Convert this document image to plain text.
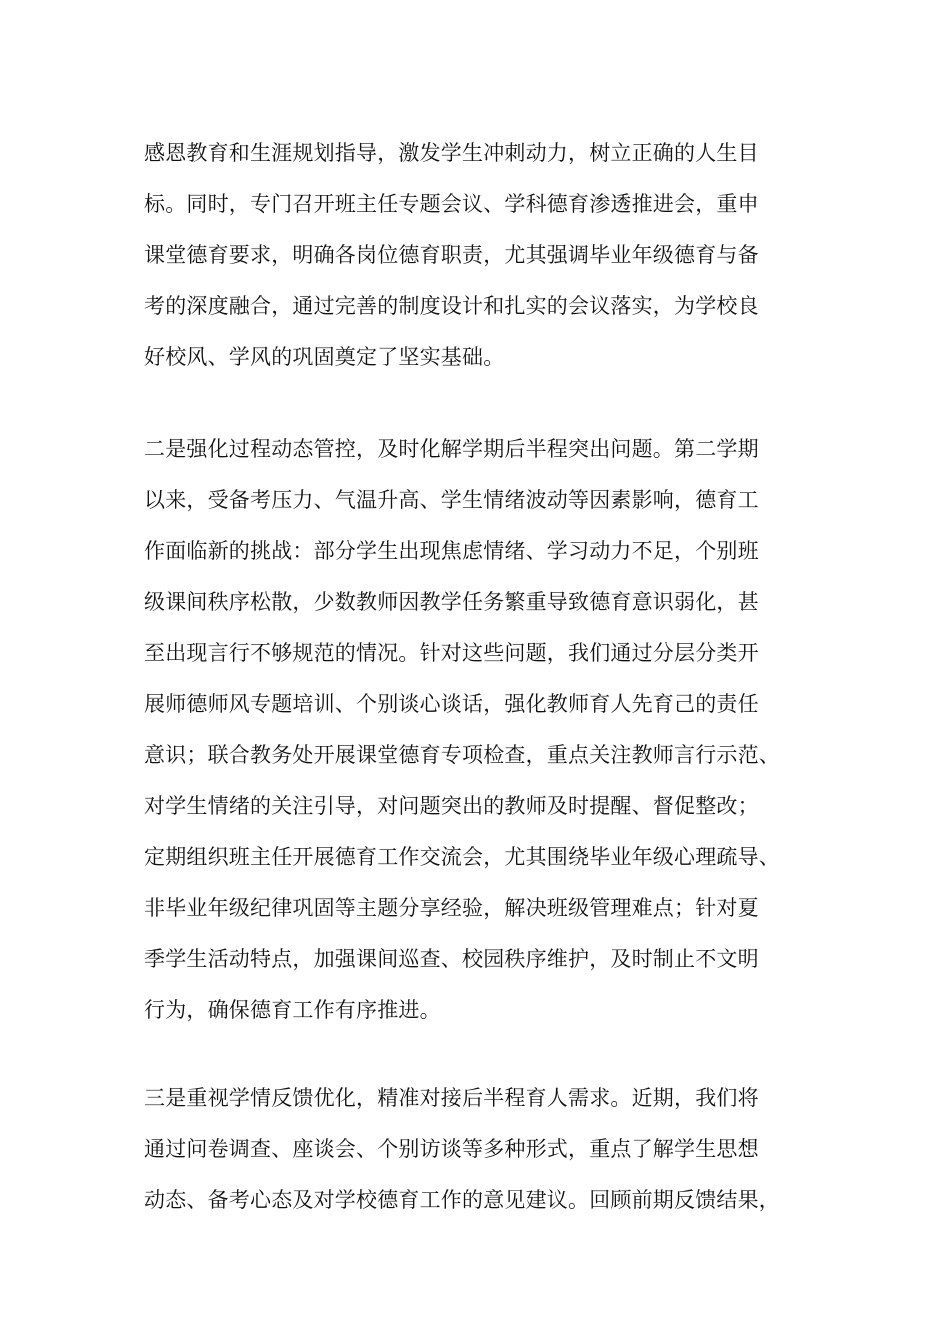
感恩教育和生涯规划指导，激发学生冲刺动力，树立正确的人生目
标。同时，专门召开班主任专题会议、学科德育渗透推进会，重申
课堂德育要求，明确各岗位德育职责，尤其强调毕业年级德育与备
考的深度融合，通过完善的制度设计和扎实的会议落实，为学校良
好校风、学风的巩固奠定了坚实基础。
二是强化过程动态管控，及时化解学期后半程突出问题。第二学期
以来，受备考压力、气温升高、学生情绪波动等因素影响，德育工
作面临新的挑战：部分学生出现焦虑情绪、学习动力不足，个别班
级课间秩序松散，少数教师因教学任务繁重导致德育意识弱化，甚
至出现言行不够规范的情况。针对这些问题，我们通过分层分类开
展师德师风专题培训、个别谈心谈话，强化教师育人先育己的责任
意识；联合教务处开展课堂德育专项检查，重点关注教师言行示范、
对学生情绪的关注引导，对问题突出的教师及时提醒、督促整改；
定期组织班主任开展德育工作交流会，尤其围绕毕业年级心理疏导、
非毕业年级纪律巩固等主题分享经验，解决班级管理难点；针对夏
季学生活动特点，加强课间巡查、校园秩序维护，及时制止不文明
行为，确保德育工作有序推进。
三是重视学情反馈优化，精准对接后半程育人需求。近期，我们将
通过问卷调查、座谈会、个别访谈等多种形式，重点了解学生思想
动态、备考心态及对学校德育工作的意见建议。回顾前期反馈结果，
